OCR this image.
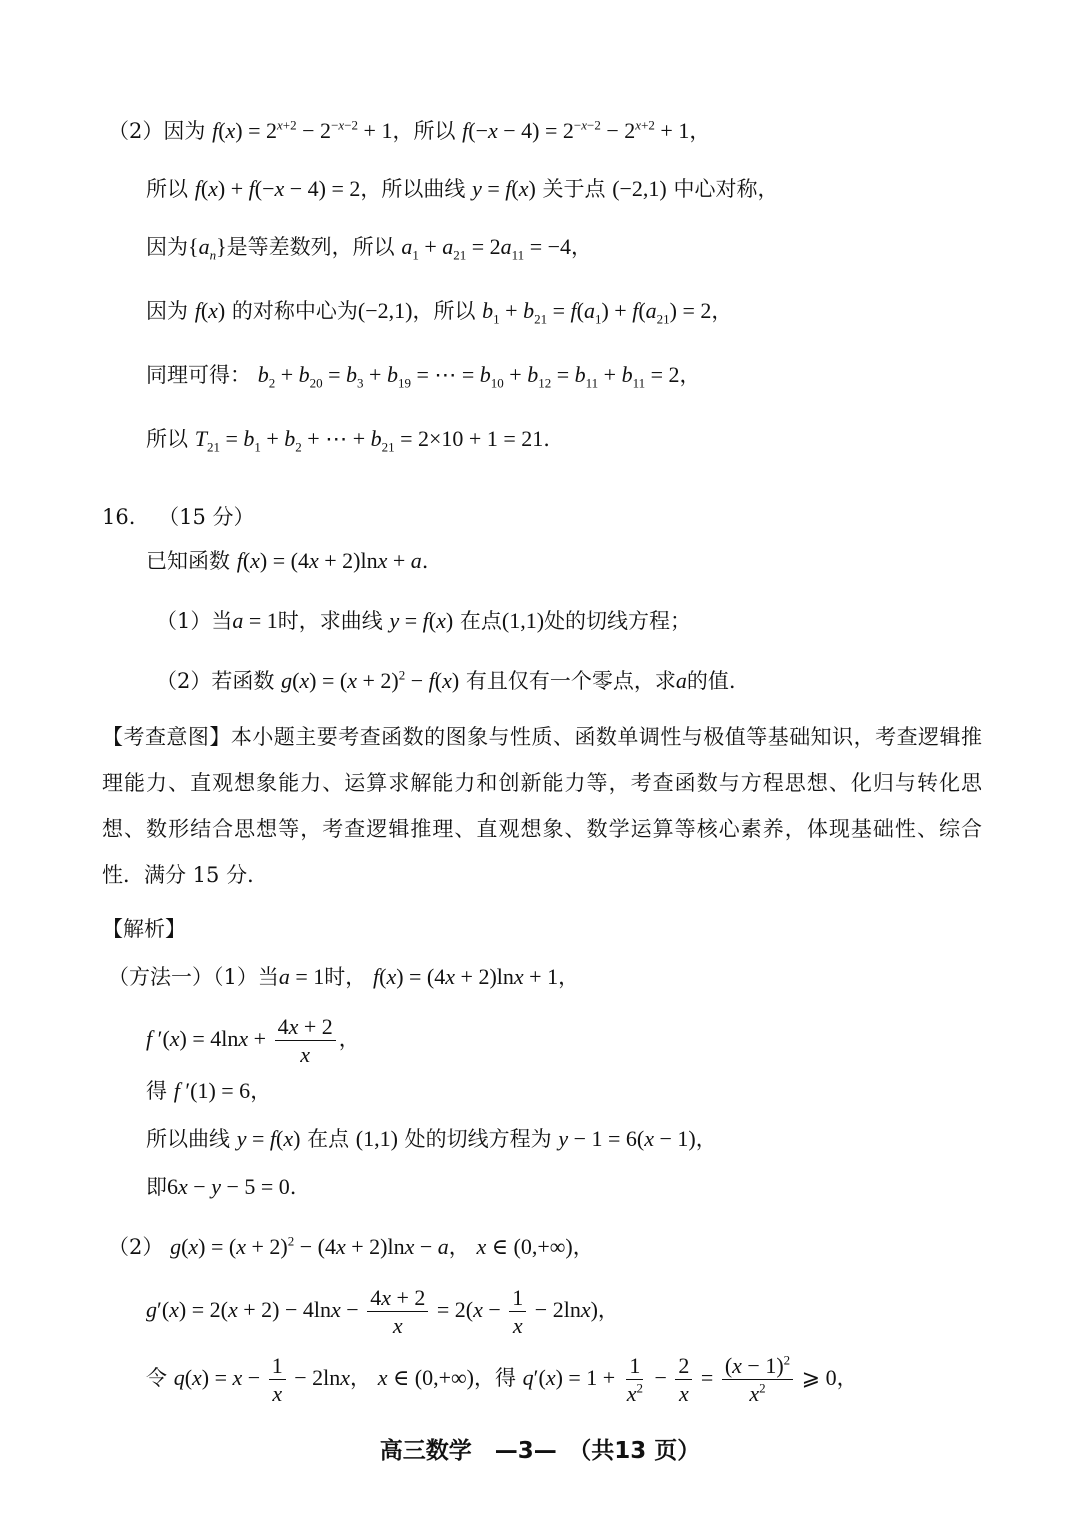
（2）因为 $f(x) = 2^{x+2} - 2^{-x-2} + 1$，所以 $f(-x - 4) = 2^{-x-2} - 2^{x+2} + 1$，
所以 f(x) + f(−x − 4) = 2，所以曲线 y = f(x) 关于点 (−2,1) 中心对称，
因为$\{a_n\}$是等差数列，所以 $a_1 + a_{21} = 2a_{11} = -4$，
因为 f(x) 的对称中心为(−2,1)，所以 $b_1 + b_{21} = f(a_1) + f(a_{21}) = 2$，
同理可得： $b_2 + b_{20} = b_3 + b_{19}$ = ⋯ = $b_{10} + b_{12} = b_{11} + b_{11} = 2$，
所以 $T_{21} = b_1 + b_2$ + ⋯ + $b_{21} = 2\times 10 + 1 = 21$.
16. （15 分）
已知函数 f(x) = (4x + 2)lnx + a.
（1）当a = 1时，求曲线 y = f(x) 在点(1,1)处的切线方程；
（2）若函数 $g(x) = (x + 2)^2 - f(x)$ 有且仅有一个零点，求a的值.
【考查意图】本小题主要考查函数的图象与性质、函数单调性与极值等基础知识，考查逻辑推理能力、直观想象能力、运算求解能力和创新能力等，考查函数与方程思想、化归与转化思想、数形结合思想等，考查逻辑推理、直观想象、数学运算等核心素养，体现基础性、综合性．满分 15 分．
【解析】
（方法一）（1）当a = 1时， f(x) = (4x + 2)lnx + 1，
f $'(x) = 4\ln x + \frac{4x + 2}{x}$ ，
得 f ′(1) = 6，
所以曲线 y = f(x) 在点 (1,1) 处的切线方程为 y − 1 = 6(x − 1)，
即6x − y − 5 = 0.
（2） $g(x) = (x + 2)^2 - (4x + 2)\ln x - a$， x ∈ (0,+∞)，
$g'(x) = 2(x + 2) - 4\ln x - \frac{4x + 2}{x} = 2(x - \frac{1}{x} - 2\ln x)$，
令 $q(x) = x - \frac{1}{x} - 2\ln x$， x ∈ (0,+∞)，得 $q'(x) = 1 + \frac{1}{x^2} - \frac{2}{x} = \frac{(x - 1)^2}{x^2}$ ⩾ 0，
高三数学　—3—　（共13 页）
